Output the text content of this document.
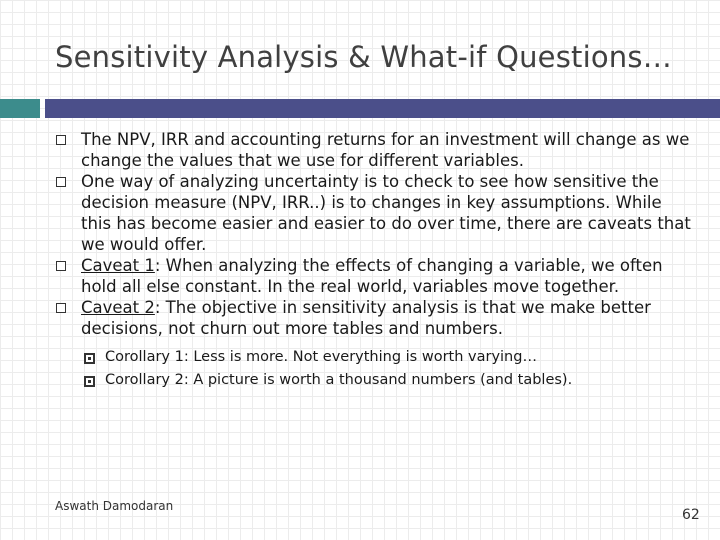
Sensitivity Analysis & What-if Questions…
The NPV, IRR and accounting returns for an investment will change as we change the values that we use for different variables.
One way of analyzing uncertainty is to check to see how sensitive the decision measure (NPV, IRR..) is to changes in key assumptions. While this has become easier and easier to do over time, there are caveats that we would offer.
Caveat 1: When analyzing the effects of changing a variable, we often hold all else constant. In the real world, variables move together.
Caveat 2: The objective in sensitivity analysis is that we make better decisions, not churn out more tables and numbers.
Corollary 1: Less is more. Not everything is worth varying…
Corollary 2: A picture is worth a thousand numbers (and tables).
Aswath Damodaran
62
